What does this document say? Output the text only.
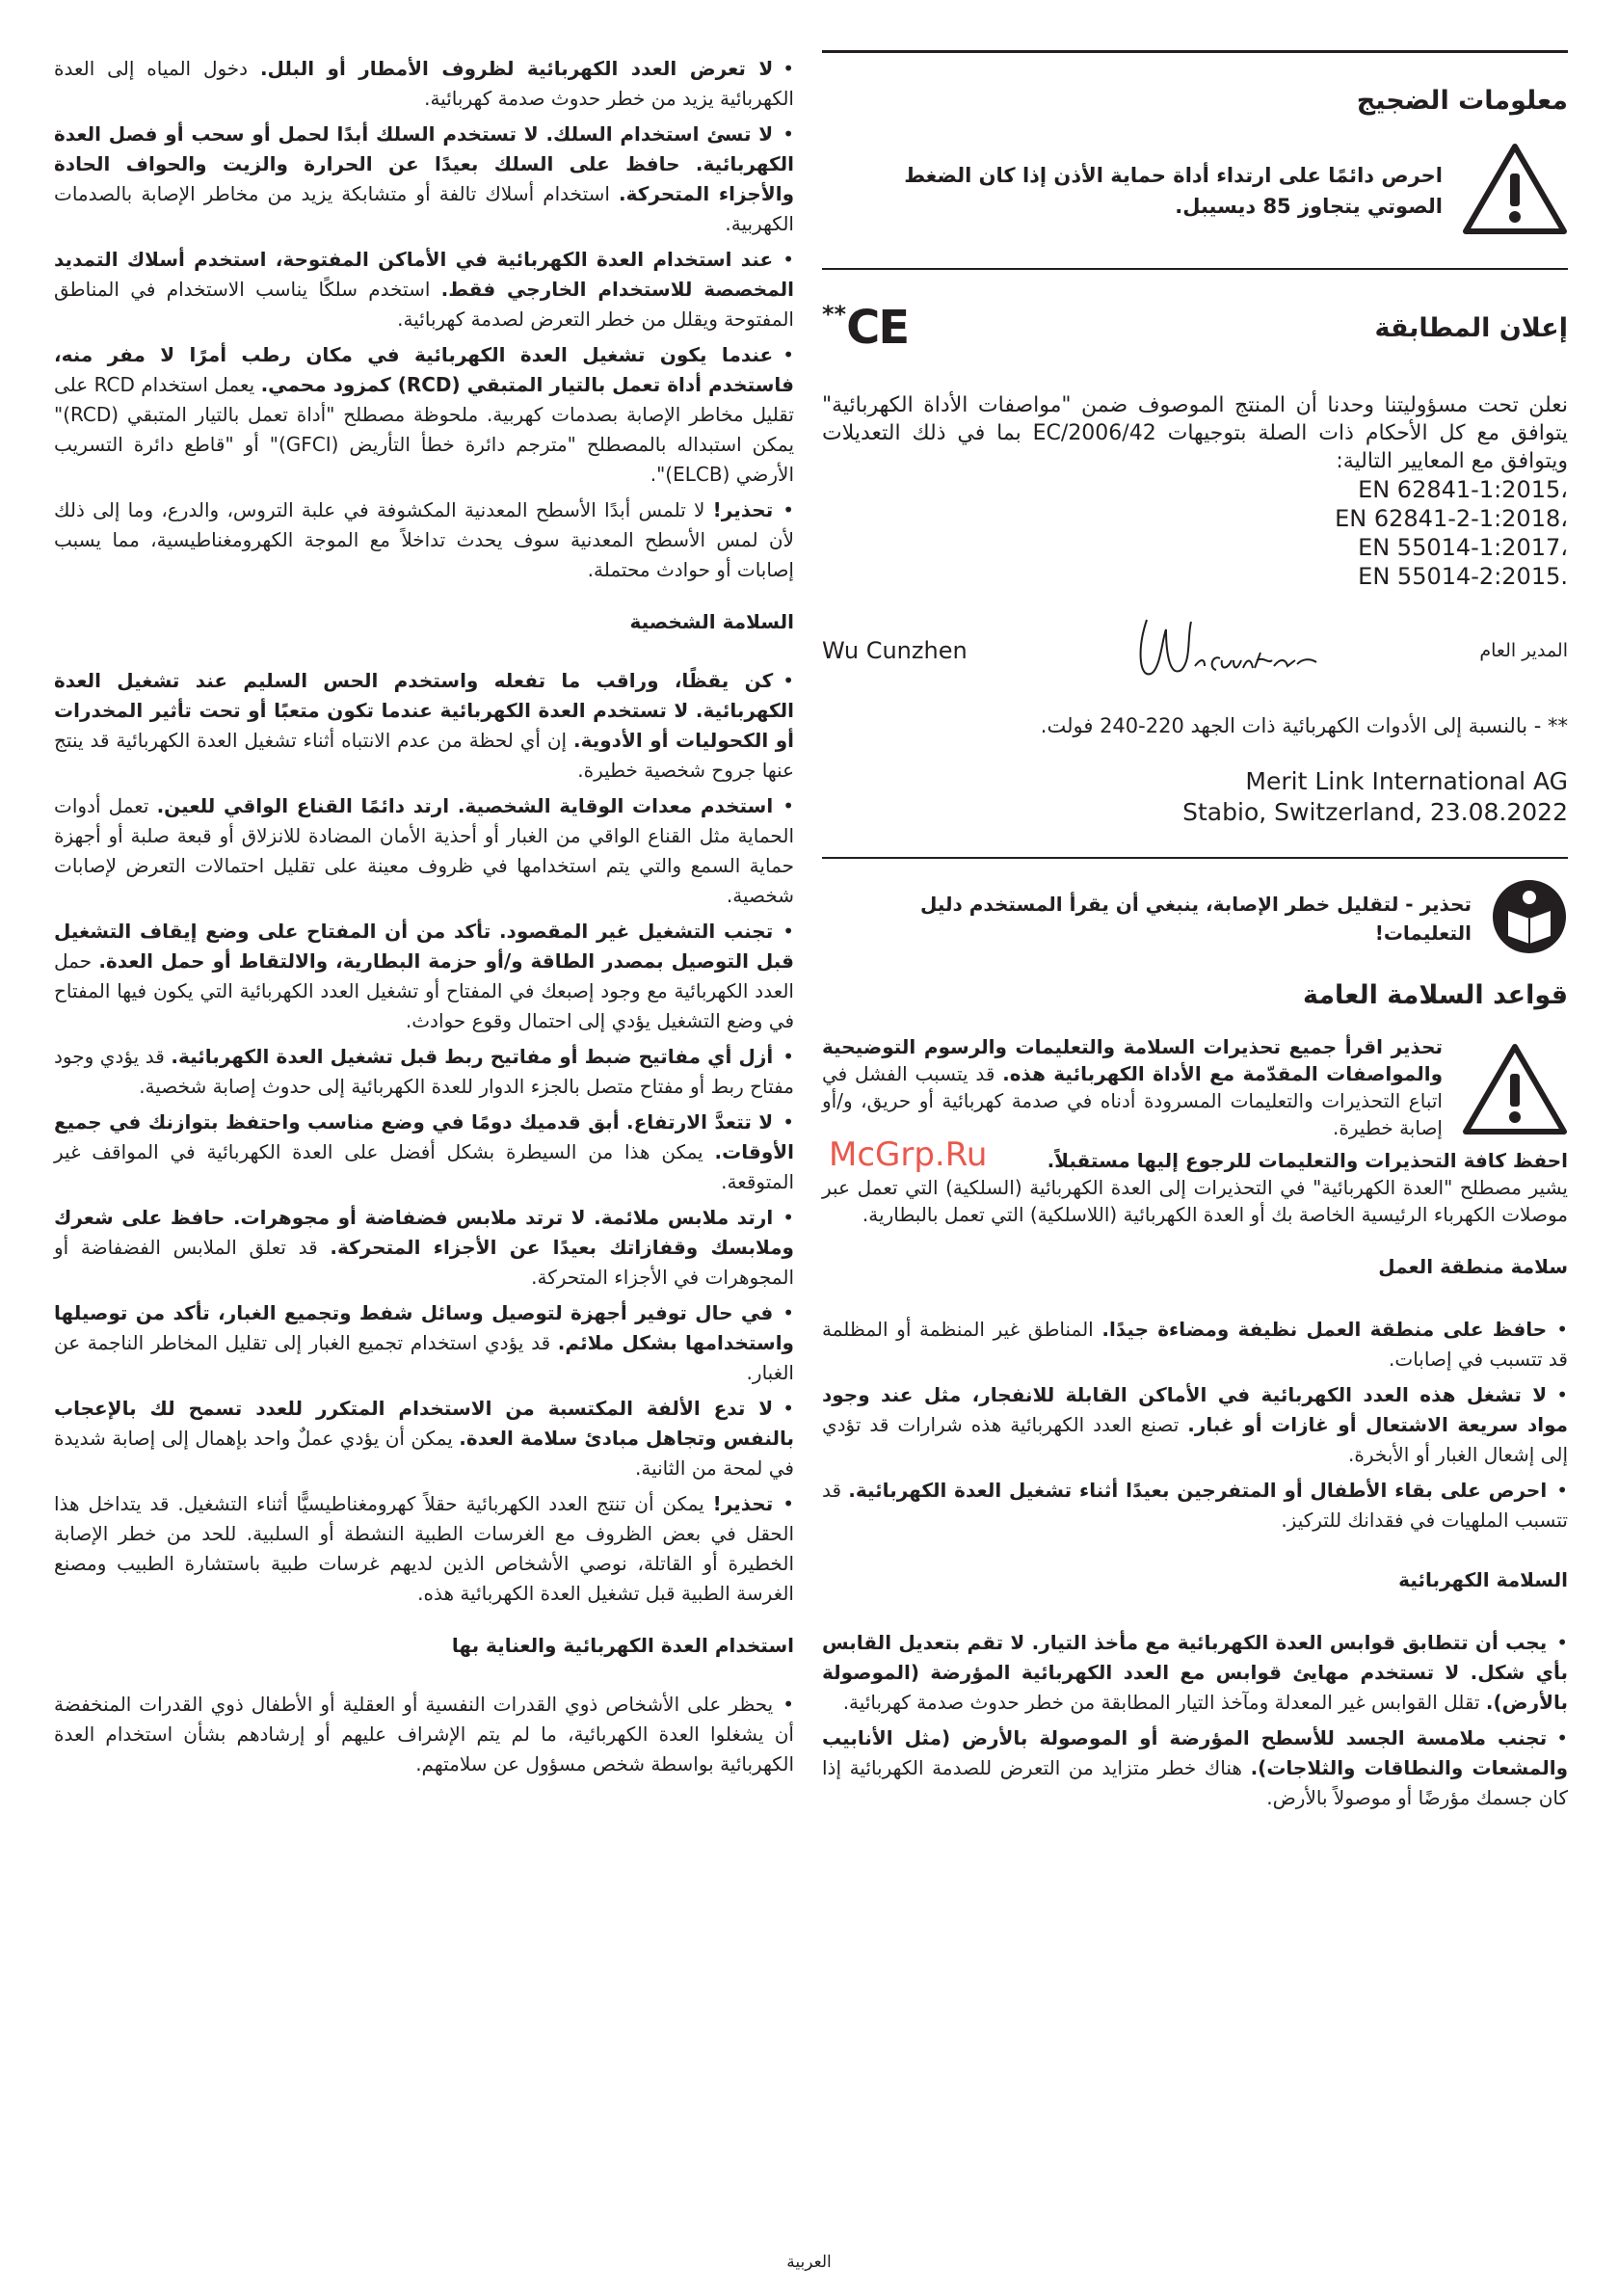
معلومات الضجيج
احرص دائمًا على ارتداء أداة حماية الأذن إذا كان الضغط الصوتي يتجاوز 85 ديسيبل.
إعلان المطابقة
** CE
نعلن تحت مسؤوليتنا وحدنا أن المنتج الموصوف ضمن "مواصفات الأداة الكهربائية" يتوافق مع كل الأحكام ذات الصلة بتوجيهات 2006/42/EC بما في ذلك التعديلات ويتوافق مع المعايير التالية:
EN 62841-1:2015،
EN 62841-2-1:2018،
EN 55014-1:2017،
EN 55014-2:2015.
المدير العام
Wu Cunzhen
** - بالنسبة إلى الأدوات الكهربائية ذات الجهد 220-240 فولت.
Merit Link International AG
Stabio, Switzerland, 23.08.2022
تحذير - لتقليل خطر الإصابة، ينبغي أن يقرأ المستخدم دليل التعليمات!
قواعد السلامة العامة
تحذير اقرأ جميع تحذيرات السلامة والتعليمات والرسوم التوضيحية والمواصفات المقدّمة مع الأداة الكهربائية هذه. قد يتسبب الفشل في اتباع التحذيرات والتعليمات المسرودة أدناه في صدمة كهربائية أو حريق، و/أو إصابة خطيرة.
احفظ كافة التحذيرات والتعليمات للرجوع إليها مستقبلاً.
يشير مصطلح "العدة الكهربائية" في التحذيرات إلى العدة الكهربائية (السلكية) التي تعمل عبر موصلات الكهرباء الرئيسية الخاصة بك أو العدة الكهربائية (اللاسلكية) التي تعمل بالبطارية.
سلامة منطقة العمل
•حافظ على منطقة العمل نظيفة ومضاءة جيدًا. المناطق غير المنظمة أو المظلمة قد تتسبب في إصابات.
•لا تشغل هذه العدد الكهربائية في الأماكن القابلة للانفجار، مثل عند وجود مواد سريعة الاشتعال أو غازات أو غبار. تصنع العدد الكهربائية هذه شرارات قد تؤدي إلى إشعال الغبار أو الأبخرة.
•احرص على بقاء الأطفال أو المتفرجين بعيدًا أثناء تشغيل العدة الكهربائية. قد تتسبب الملهيات في فقدانك للتركيز.
السلامة الكهربائية
•يجب أن تتطابق قوابس العدة الكهربائية مع مأخذ التيار. لا تقم بتعديل القابس بأي شكل. لا تستخدم مهايئ قوابس مع العدد الكهربائية المؤرضة (الموصولة بالأرض). تقلل القوابس غير المعدلة ومآخذ التيار المطابقة من خطر حدوث صدمة كهربائية.
•تجنب ملامسة الجسد للأسطح المؤرضة أو الموصولة بالأرض (مثل الأنابيب والمشعات والنطاقات والثلاجات). هناك خطر متزايد من التعرض للصدمة الكهربائية إذا كان جسمك مؤرضًا أو موصولاً بالأرض.
•لا تعرض العدد الكهربائية لظروف الأمطار أو البلل. دخول المياه إلى العدة الكهربائية يزيد من خطر حدوث صدمة كهربائية.
•لا تسئ استخدام السلك. لا تستخدم السلك أبدًا لحمل أو سحب أو فصل العدة الكهربائية. حافظ على السلك بعيدًا عن الحرارة والزيت والحواف الحادة والأجزاء المتحركة. استخدام أسلاك تالفة أو متشابكة يزيد من مخاطر الإصابة بالصدمات الكهربية.
•عند استخدام العدة الكهربائية في الأماكن المفتوحة، استخدم أسلاك التمديد المخصصة للاستخدام الخارجي فقط. استخدم سلكًا يناسب الاستخدام في المناطق المفتوحة ويقلل من خطر التعرض لصدمة كهربائية.
•عندما يكون تشغيل العدة الكهربائية في مكان رطب أمرًا لا مفر منه، فاستخدم أداة تعمل بالتيار المتبقي (RCD) كمزود محمي. يعمل استخدام RCD على تقليل مخاطر الإصابة بصدمات كهربية. ملحوظة مصطلح "أداة تعمل بالتيار المتبقي (RCD)" يمكن استبداله بالمصطلح "مترجم دائرة خطأ التأريض (GFCI)" أو "قاطع دائرة التسريب الأرضي (ELCB)".
•تحذير! لا تلمس أبدًا الأسطح المعدنية المكشوفة في علبة التروس، والدرع، وما إلى ذلك لأن لمس الأسطح المعدنية سوف يحدث تداخلاً مع الموجة الكهرومغناطيسية، مما يسبب إصابات أو حوادث محتملة.
السلامة الشخصية
•كن يقظًا، وراقب ما تفعله واستخدم الحس السليم عند تشغيل العدة الكهربائية. لا تستخدم العدة الكهربائية عندما تكون متعبًا أو تحت تأثير المخدرات أو الكحوليات أو الأدوية. إن أي لحظة من عدم الانتباه أثناء تشغيل العدة الكهربائية قد ينتج عنها جروح شخصية خطيرة.
•استخدم معدات الوقاية الشخصية. ارتد دائمًا القناع الواقي للعين. تعمل أدوات الحماية مثل القناع الواقي من الغبار أو أحذية الأمان المضادة للانزلاق أو قبعة صلبة أو أجهزة حماية السمع والتي يتم استخدامها في ظروف معينة على تقليل احتمالات التعرض لإصابات شخصية.
•تجنب التشغيل غير المقصود. تأكد من أن المفتاح على وضع إيقاف التشغيل قبل التوصيل بمصدر الطاقة و/أو حزمة البطارية، والالتقاط أو حمل العدة. حمل العدد الكهربائية مع وجود إصبعك في المفتاح أو تشغيل العدد الكهربائية التي يكون فيها المفتاح في وضع التشغيل يؤدي إلى احتمال وقوع حوادث.
•أزل أي مفاتيح ضبط أو مفاتيح ربط قبل تشغيل العدة الكهربائية. قد يؤدي وجود مفتاح ربط أو مفتاح متصل بالجزء الدوار للعدة الكهربائية إلى حدوث إصابة شخصية.
•لا تتعدَّ الارتفاع. أبق قدميك دومًا في وضع مناسب واحتفظ بتوازنك في جميع الأوقات. يمكن هذا من السيطرة بشكل أفضل على العدة الكهربائية في المواقف غير المتوقعة.
•ارتد ملابس ملائمة. لا ترتد ملابس فضفاضة أو مجوهرات. حافظ على شعرك وملابسك وقفازاتك بعيدًا عن الأجزاء المتحركة. قد تعلق الملابس الفضفاضة أو المجوهرات في الأجزاء المتحركة.
•في حال توفير أجهزة لتوصيل وسائل شفط وتجميع الغبار، تأكد من توصيلها واستخدامها بشكل ملائم. قد يؤدي استخدام تجميع الغبار إلى تقليل المخاطر الناجمة عن الغبار.
•لا تدع الألفة المكتسبة من الاستخدام المتكرر للعدد تسمح لك بالإعجاب بالنفس وتجاهل مبادئ سلامة العدة. يمكن أن يؤدي عملٌ واحد بإهمال إلى إصابة شديدة في لمحة من الثانية.
•تحذير! يمكن أن تنتج العدد الكهربائية حقلاً كهرومغناطيسيًّا أثناء التشغيل. قد يتداخل هذا الحقل في بعض الظروف مع الغرسات الطبية النشطة أو السلبية. للحد من خطر الإصابة الخطيرة أو القاتلة، نوصي الأشخاص الذين لديهم غرسات طبية باستشارة الطبيب ومصنع الغرسة الطبية قبل تشغيل العدة الكهربائية هذه.
استخدام العدة الكهربائية والعناية بها
•يحظر على الأشخاص ذوي القدرات النفسية أو العقلية أو الأطفال ذوي القدرات المنخفضة أن يشغلوا العدة الكهربائية، ما لم يتم الإشراف عليهم أو إرشادهم بشأن استخدام العدة الكهربائية بواسطة شخص مسؤول عن سلامتهم.
McGrp.Ru
العربية
